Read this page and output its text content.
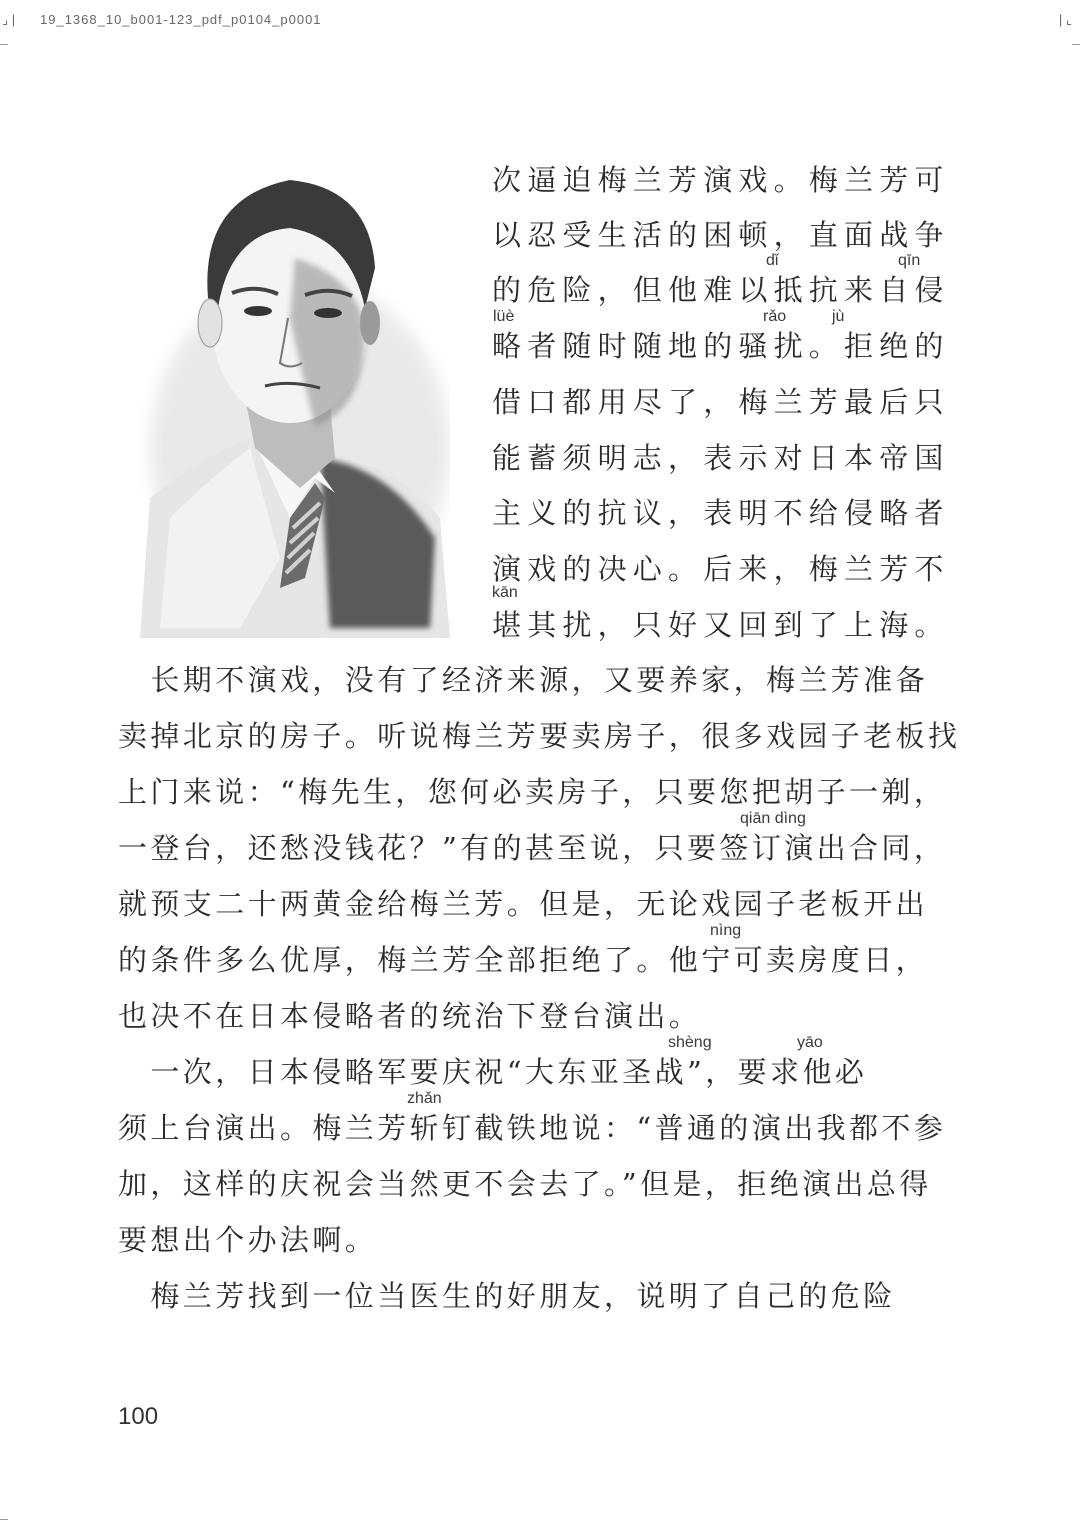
⌟ | 19_1368_10_b001-123_pdf_p0104_p0001	| ⌞
次逼迫梅兰芳演戏。梅兰芳可
以忍受生活的困顿，直面战争
的危险，但他难以抵抗来自侵
略者随时随地的骚扰。拒绝的
借口都用尽了，梅兰芳最后只
能蓄须明志，表示对日本帝国
主义的抗议，表明不给侵略者
演戏的决心。后来，梅兰芳不
堪其扰，只好又回到了上海。
　长期不演戏，没有了经济来源，又要养家，梅兰芳准备
卖掉北京的房子。听说梅兰芳要卖房子，很多戏园子老板找
上门来说：“梅先生，您何必卖房子，只要您把胡子一剃，
一登台，还愁没钱花？”有的甚至说，只要签订演出合同，
就预支二十两黄金给梅兰芳。但是，无论戏园子老板开出
的条件多么优厚，梅兰芳全部拒绝了。他宁可卖房度日，
也决不在日本侵略者的统治下登台演出。
　一次，日本侵略军要庆祝“大东亚圣战”，要求他必
须上台演出。梅兰芳斩钉截铁地说：“普通的演出我都不参
加，这样的庆祝会当然更不会去了。”但是，拒绝演出总得
要想出个办法啊。
　梅兰芳找到一位当医生的好朋友，说明了自己的危险
dǐ	qīn
lüè	rǎo	jù
kān
qiān dìng
nìng
shèng	yāo
zhǎn
100
